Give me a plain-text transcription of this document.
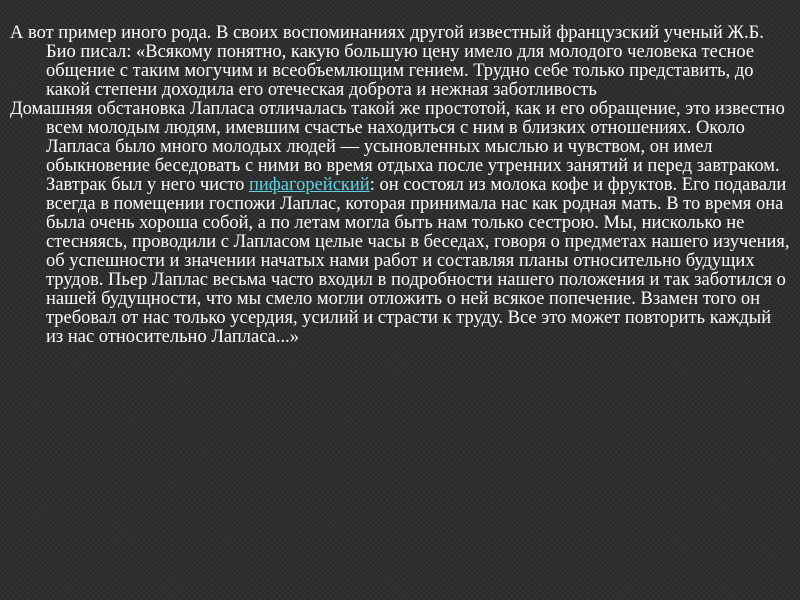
А вот пример иного рода. В своих воспоминаниях другой известный французский ученый Ж.Б. Био писал: «Всякому понятно, какую большую цену имело для молодого человека тесное общение с таким могучим и всеобъемлющим гением. Трудно себе только представить, до какой степени доходила его отеческая доброта и нежная заботливость

Домашняя обстановка Лапласа отличалась такой же простотой, как и его обращение, это известно всем молодым людям, имевшим счастье находиться с ним в близких отношениях. Около Лапласа было много молодых людей — усыновленных мыслью и чувством, он имел обыкновение беседовать с ними во время отдыха после утренних занятий и перед завтраком. Завтрак был у него чисто пифагорейский: он состоял из молока кофе и фруктов. Его подавали всегда в помещении госпожи Лаплас, которая принимала нас как родная мать. В то время она была очень хороша собой, а по летам могла быть нам только сестрою. Мы, нисколько не стесняясь, проводили с Лапласом целые часы в беседах, говоря о предметах нашего изучения, об успешности и значении начатых нами работ и составляя планы относительно будущих трудов. Пьер Лаплас весьма часто входил в подробности нашего положения и так заботился о нашей будущности, что мы смело могли отложить о ней всякое попечение. Взамен того он требовал от нас только усердия, усилий и страсти к труду. Все это может повторить каждый из нас относительно Лапласа...»
